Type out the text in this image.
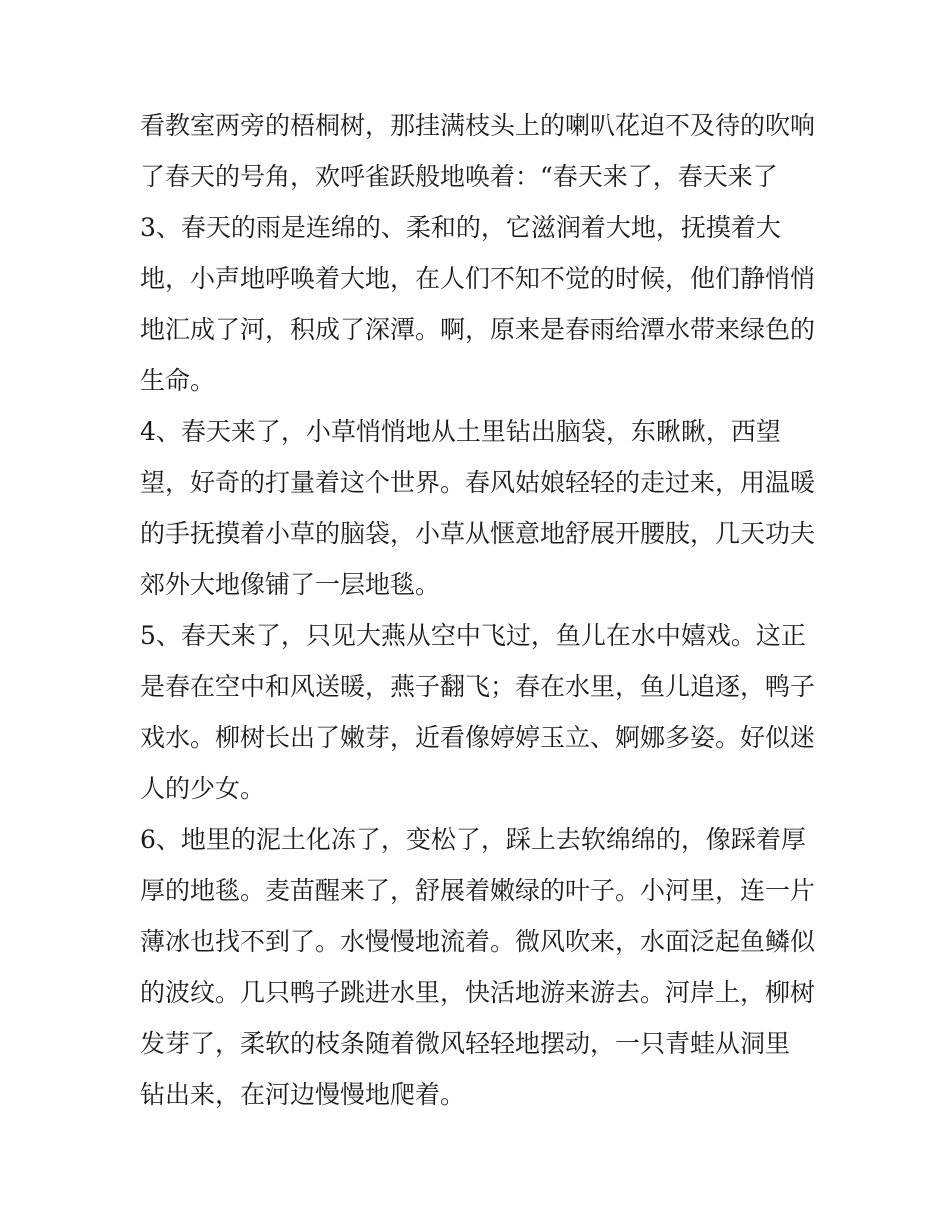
看教室两旁的梧桐树，那挂满枝头上的喇叭花迫不及待的吹响
了春天的号角，欢呼雀跃般地唤着：“春天来了，春天来了
3、春天的雨是连绵的、柔和的，它滋润着大地，抚摸着大
地，小声地呼唤着大地，在人们不知不觉的时候，他们静悄悄
地汇成了河，积成了深潭。啊，原来是春雨给潭水带来绿色的
生命。
4、春天来了，小草悄悄地从土里钻出脑袋，东瞅瞅，西望
望，好奇的打量着这个世界。春风姑娘轻轻的走过来，用温暖
的手抚摸着小草的脑袋，小草从惬意地舒展开腰肢，几天功夫
郊外大地像铺了一层地毯。
5、春天来了，只见大燕从空中飞过，鱼儿在水中嬉戏。这正
是春在空中和风送暖，燕子翻飞；春在水里，鱼儿追逐，鸭子
戏水。柳树长出了嫩芽，近看像婷婷玉立、婀娜多姿。好似迷
人的少女。
6、地里的泥土化冻了，变松了，踩上去软绵绵的，像踩着厚
厚的地毯。麦苗醒来了，舒展着嫩绿的叶子。小河里，连一片
薄冰也找不到了。水慢慢地流着。微风吹来，水面泛起鱼鳞似
的波纹。几只鸭子跳进水里，快活地游来游去。河岸上，柳树
发芽了，柔软的枝条随着微风轻轻地摆动，一只青蛙从洞里
钻出来，在河边慢慢地爬着。
